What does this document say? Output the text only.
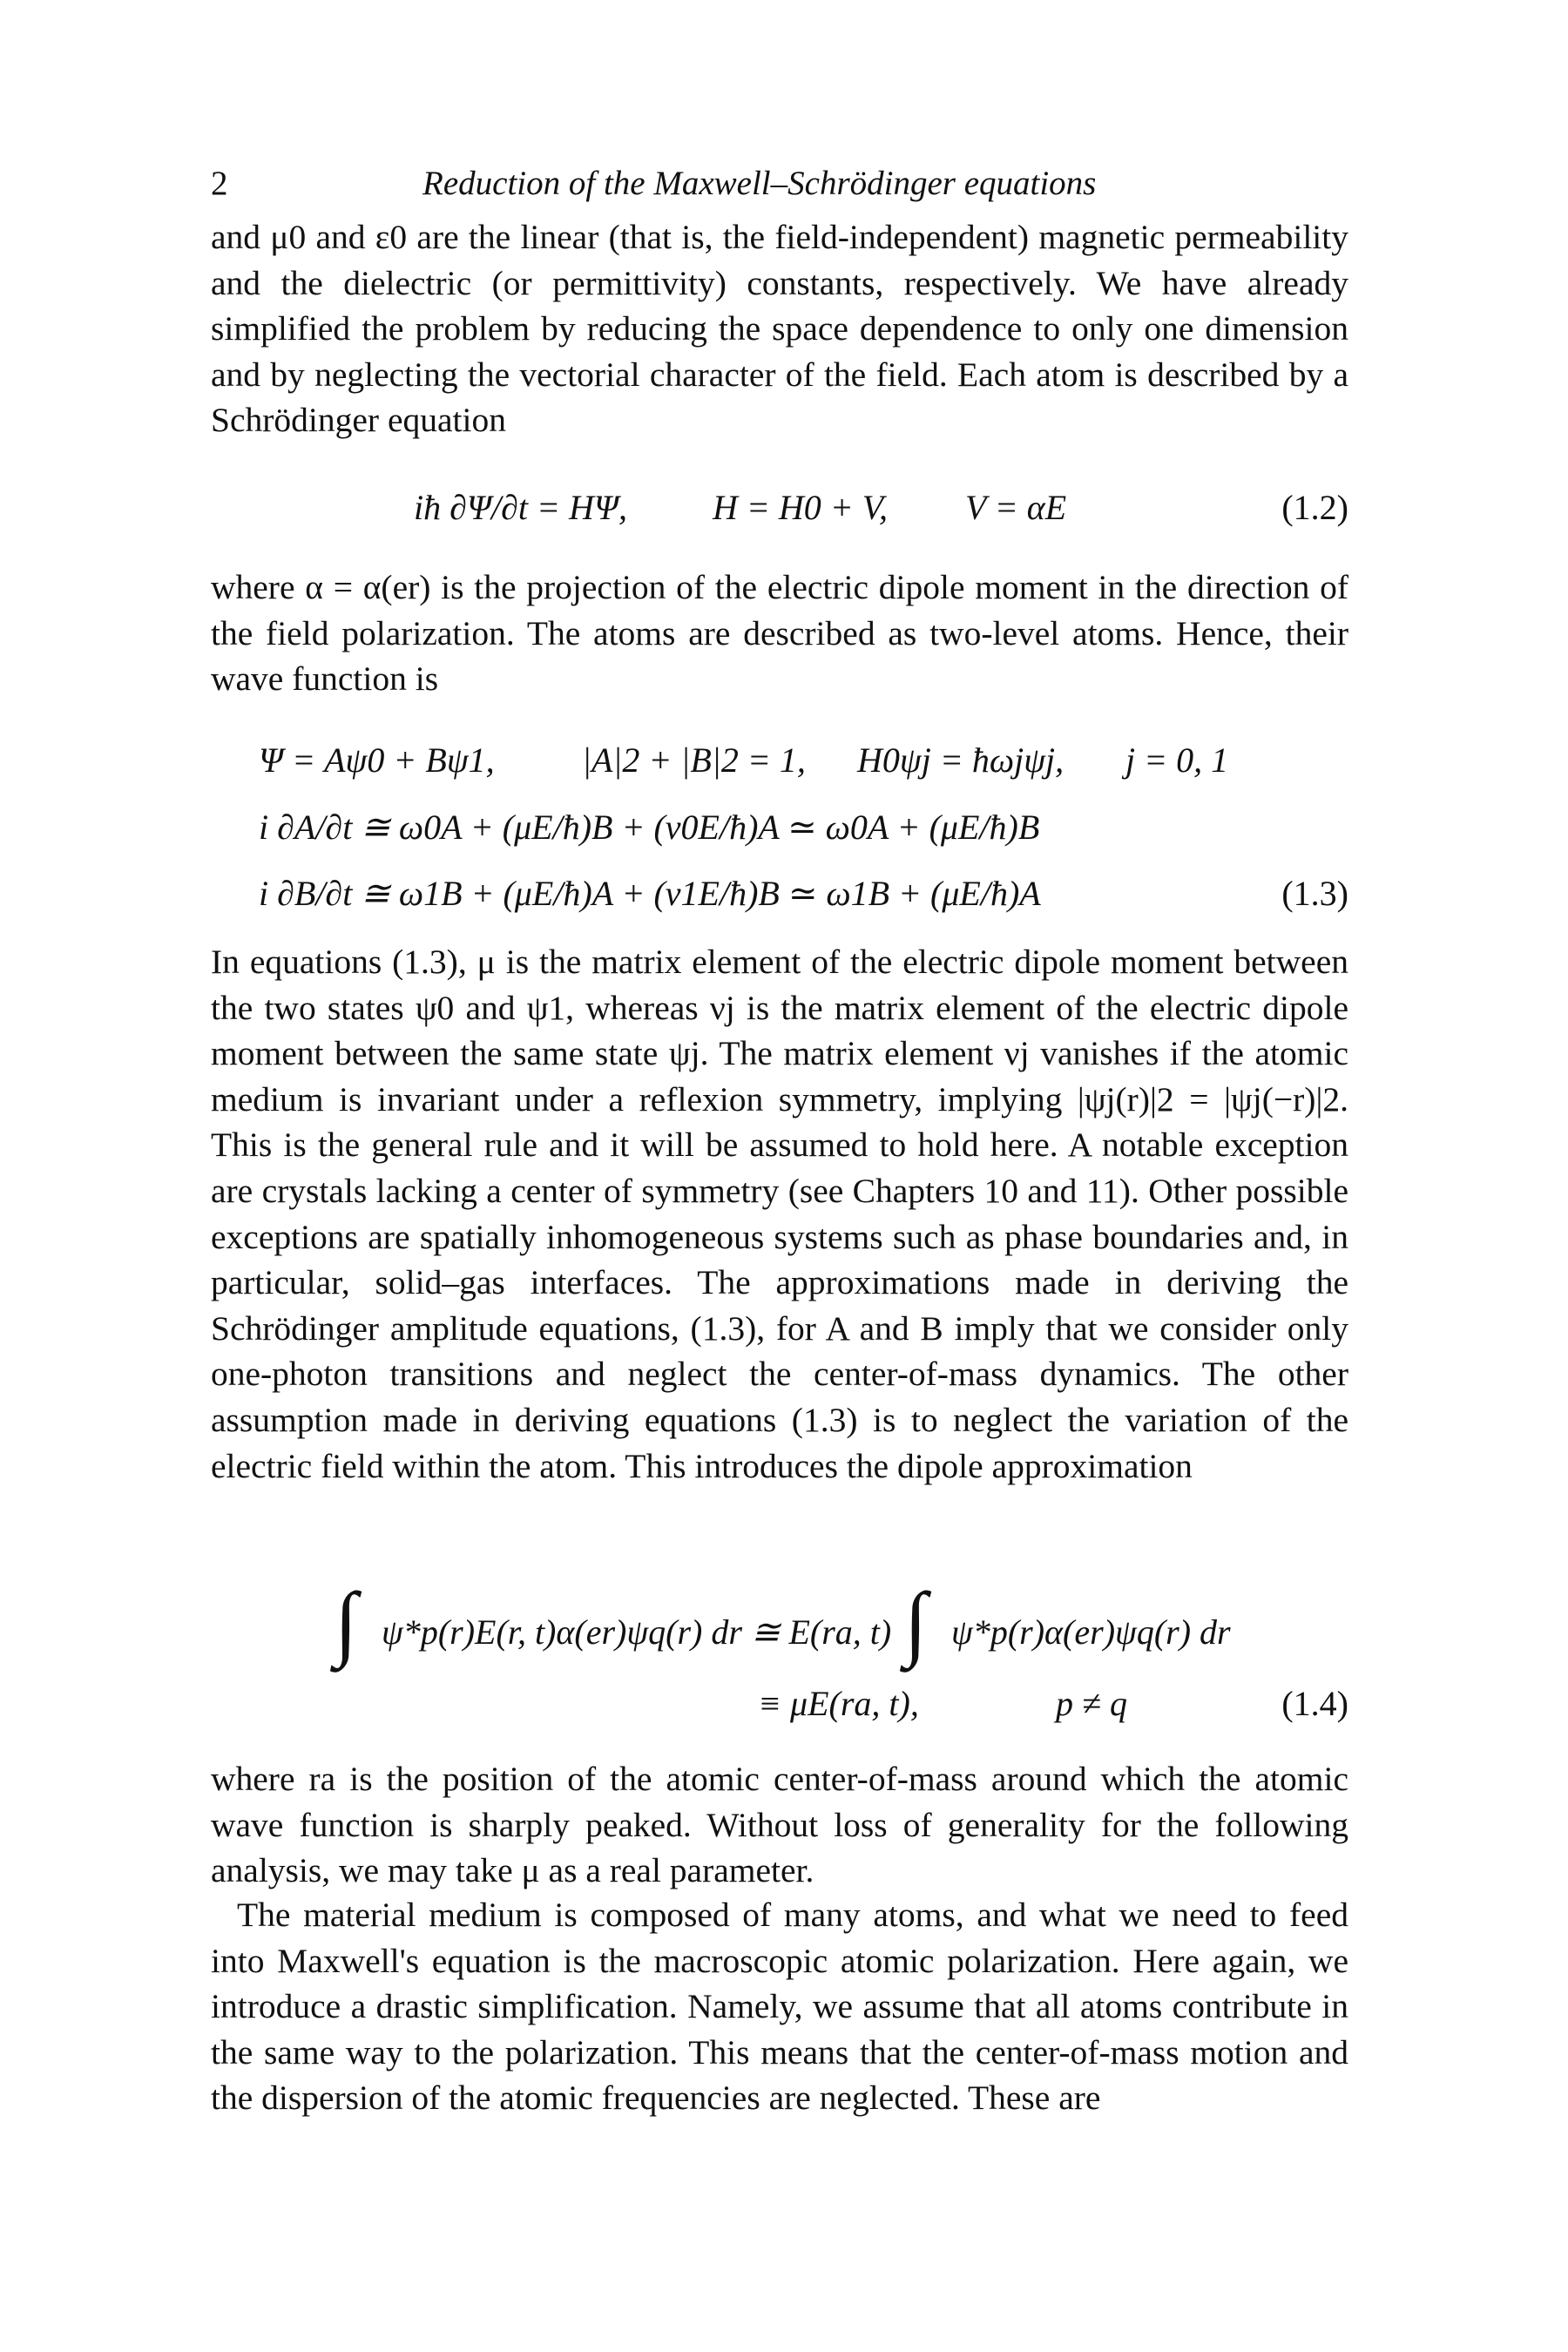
2	Reduction of the Maxwell–Schrödinger equations

and μ0 and ε0 are the linear (that is, the field-independent) magnetic permeability and the dielectric (or permittivity) constants, respectively. We have already simplified the problem by reducing the space dependence to only one dimension and by neglecting the vectorial character of the field. Each atom is described by a Schrödinger equation

iħ ∂Ψ/∂t = HΨ, H = H0 + V, V = αE	(1.2)

where α = α(er) is the projection of the electric dipole moment in the direction of the field polarization. The atoms are described as two-level atoms. Hence, their wave function is

Ψ = Aψ0 + Bψ1,	|A|2 + |B|2 = 1, H0ψj = ħωjψj, j = 0, 1
i ∂A/∂t ≅ ω0A + (μE/ħ)B + (ν0E/ħ)A ≃ ω0A + (μE/ħ)B
i ∂B/∂t ≅ ω1B + (μE/ħ)A + (ν1E/ħ)B ≃ ω1B + (μE/ħ)A	(1.3)

In equations (1.3), μ is the matrix element of the electric dipole moment between the two states ψ0 and ψ1, whereas νj is the matrix element of the electric dipole moment between the same state ψj. The matrix element νj vanishes if the atomic medium is invariant under a reflexion symmetry, implying |ψj(r)|2 = |ψj(−r)|2. This is the general rule and it will be assumed to hold here. A notable exception are crystals lacking a center of symmetry (see Chapters 10 and 11). Other possible exceptions are spatially inhomogeneous systems such as phase boundaries and, in particular, solid–gas interfaces. The approximations made in deriving the Schrödinger amplitude equations, (1.3), for A and B imply that we consider only one-photon transitions and neglect the center-of-mass dynamics. The other assumption made in deriving equations (1.3) is to neglect the variation of the electric field within the atom. This introduces the dipole approximation

∫ ψ*p(r)E(r, t)α(er)ψq(r) dr ≅ E(ra, t) ∫ ψ*p(r)α(er)ψq(r) dr
≡ μE(ra, t),	p ≠ q	(1.4)

where ra is the position of the atomic center-of-mass around which the atomic wave function is sharply peaked. Without loss of generality for the following analysis, we may take μ as a real parameter.

The material medium is composed of many atoms, and what we need to feed into Maxwell's equation is the macroscopic atomic polarization. Here again, we introduce a drastic simplification. Namely, we assume that all atoms contribute in the same way to the polarization. This means that the center-of-mass motion and the dispersion of the atomic frequencies are neglected. These are
